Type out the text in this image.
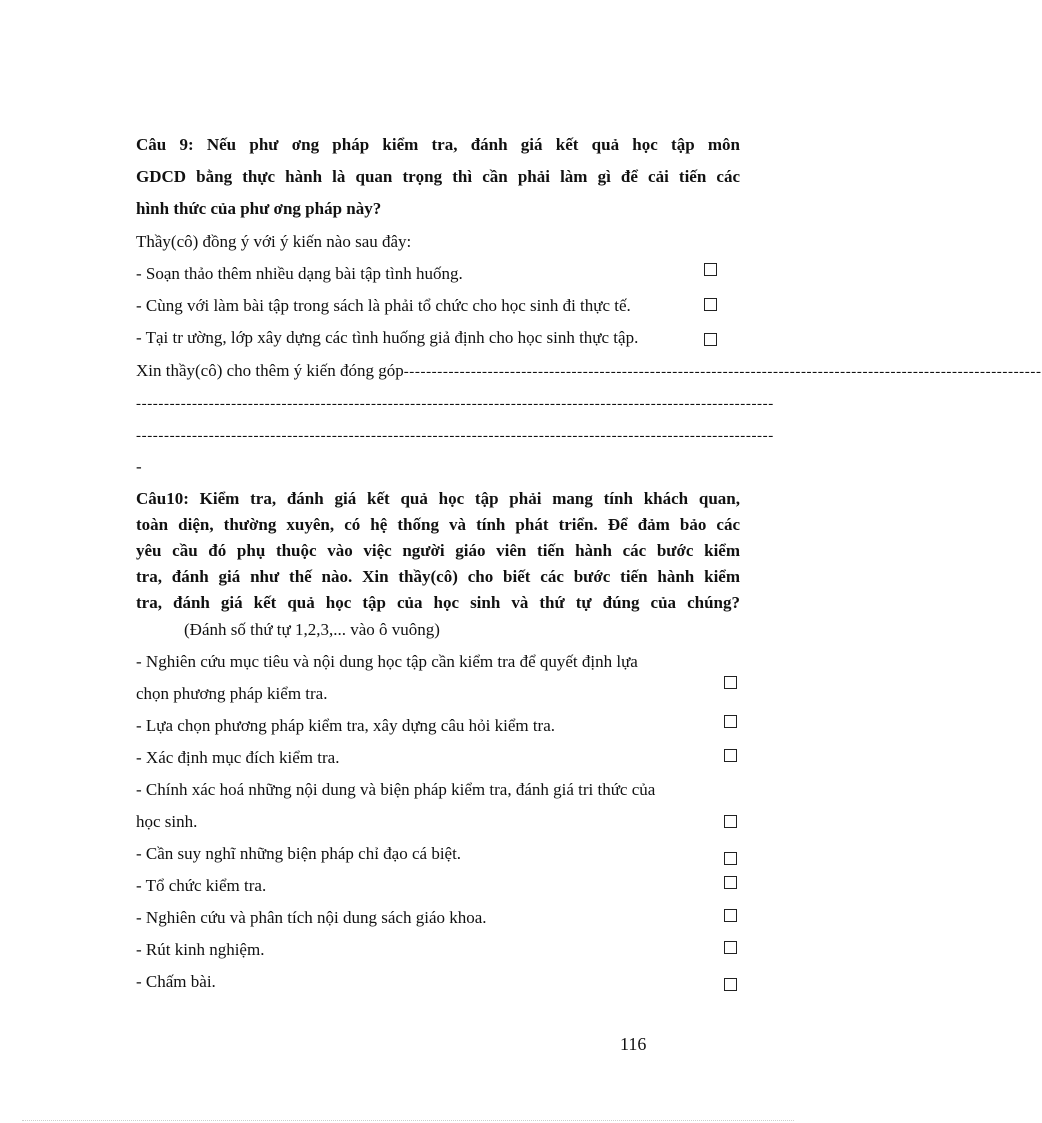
Câu 9: Nếu phư ơng pháp kiểm tra, đánh giá kết quả học tập môn
GDCD bằng thực hành là quan trọng thì cần phải làm gì để cải tiến các
hình thức của phư ơng pháp này?
Thầy(cô) đồng ý với ý kiến nào sau đây:
- Soạn thảo thêm nhiều dạng bài tập tình huống.
- Cùng với làm bài tập trong sách là phải tổ chức cho học sinh đi thực tế.
- Tại tr ường, lớp xây dựng các tình huống giả định cho học sinh thực tập.
Xin thầy(cô) cho thêm ý kiến đóng góp------------------------------------------------------------------------------------------------------------------
------------------------------------------------------------------------------------------------------------------
------------------------------------------------------------------------------------------------------------------
-
Câu10: Kiểm tra, đánh giá kết quả học tập phải mang tính khách quan,
toàn diện, thường xuyên, có hệ thống và tính phát triển. Để đảm bảo các
yêu cầu đó phụ thuộc vào việc người giáo viên tiến hành các bước kiểm
tra, đánh giá như thế nào. Xin thầy(cô) cho biết các bước tiến hành kiểm
tra, đánh giá kết quả học tập của học sinh và thứ tự đúng của chúng?
(Đánh số thứ tự 1,2,3,... vào ô vuông)
- Nghiên cứu mục tiêu và nội dung học tập cần kiểm tra để quyết định lựa
chọn phương pháp kiểm tra.
- Lựa chọn phương pháp kiểm tra, xây dựng câu hỏi kiểm tra.
- Xác định mục đích kiểm tra.
- Chính xác hoá những nội dung và biện pháp kiểm tra, đánh giá tri thức của
học sinh.
- Cần suy nghĩ những biện pháp chỉ đạo cá biệt.
- Tổ chức kiểm tra.
- Nghiên cứu và phân tích nội dung sách giáo khoa.
- Rút kinh nghiệm.
- Chấm bài.
116
